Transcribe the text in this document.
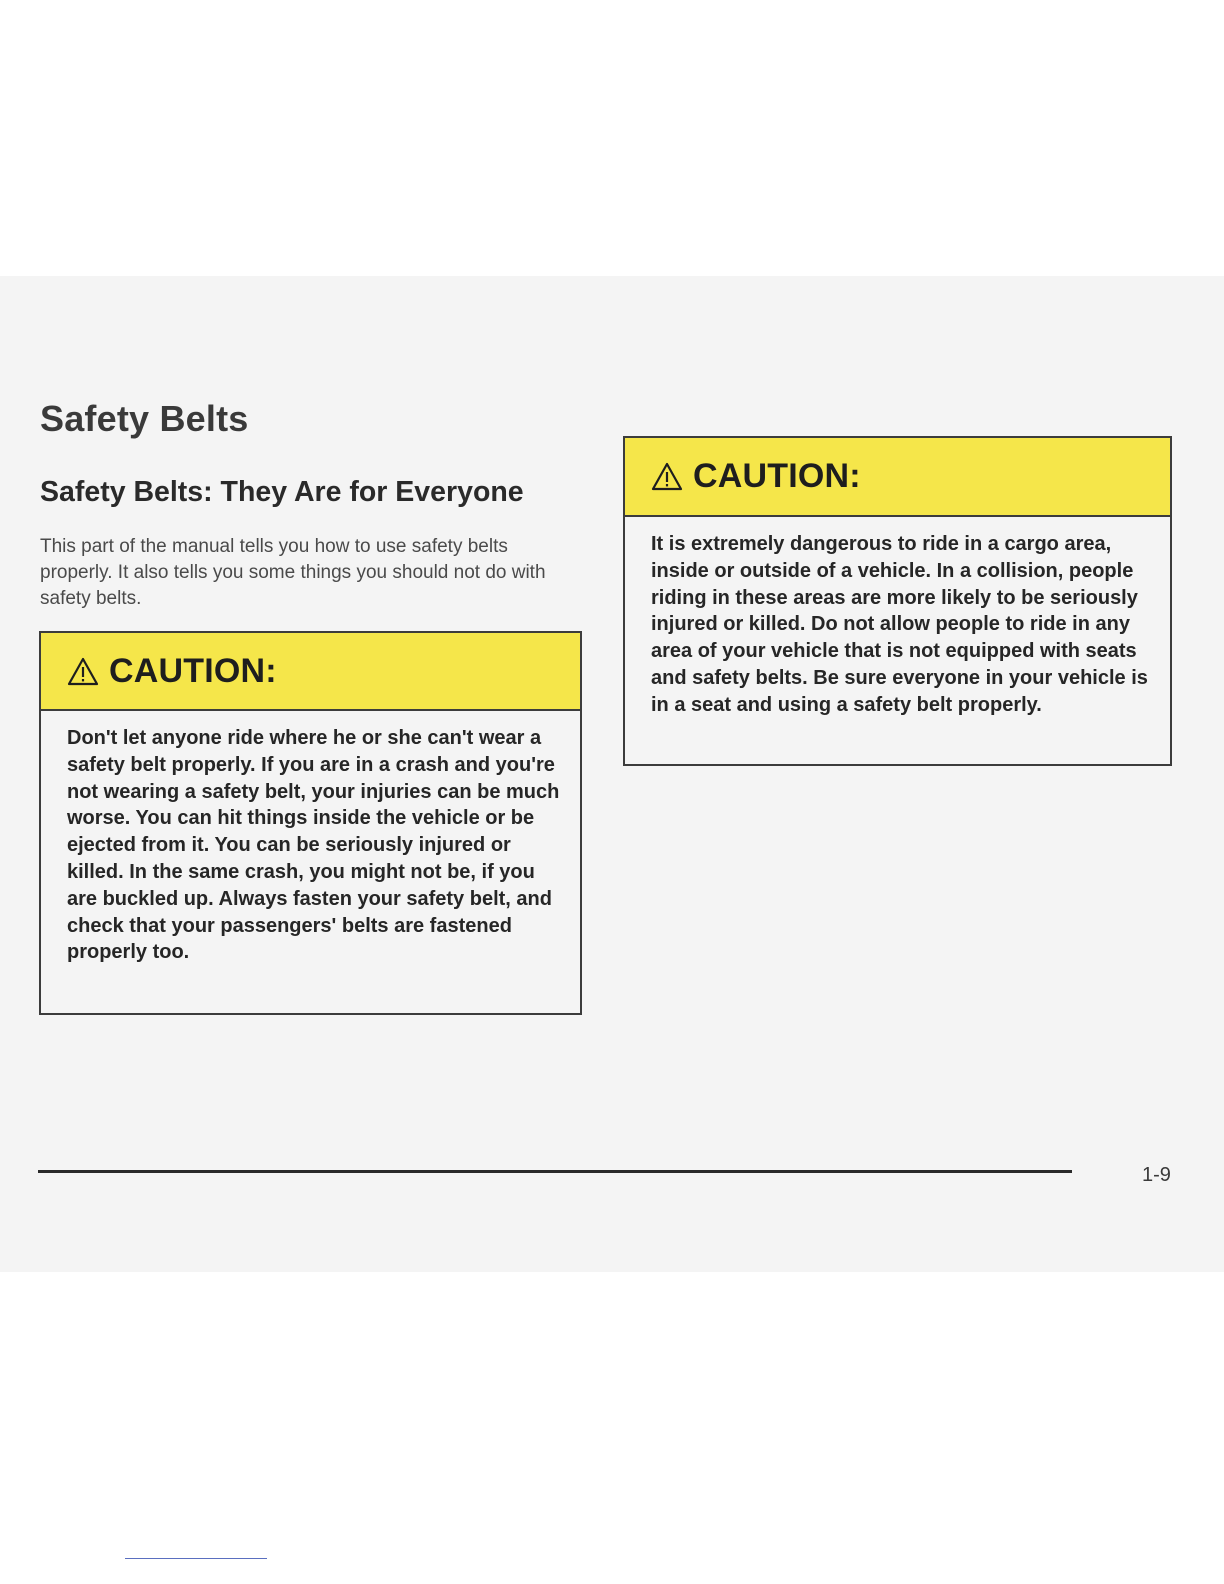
Safety Belts
Safety Belts: They Are for Everyone

This part of the manual tells you how to use safety belts properly. It also tells you some things you should not do with safety belts.

CAUTION:

Don't let anyone ride where he or she can't wear a safety belt properly. If you are in a crash and you're not wearing a safety belt, your injuries can be much worse. You can hit things inside the vehicle or be ejected from it. You can be seriously injured or killed. In the same crash, you might not be, if you are buckled up. Always fasten your safety belt, and check that your passengers' belts are fastened properly too.

CAUTION:

It is extremely dangerous to ride in a cargo area, inside or outside of a vehicle. In a collision, people riding in these areas are more likely to be seriously injured or killed. Do not allow people to ride in any area of your vehicle that is not equipped with seats and safety belts. Be sure everyone in your vehicle is in a seat and using a safety belt properly.

1-9
